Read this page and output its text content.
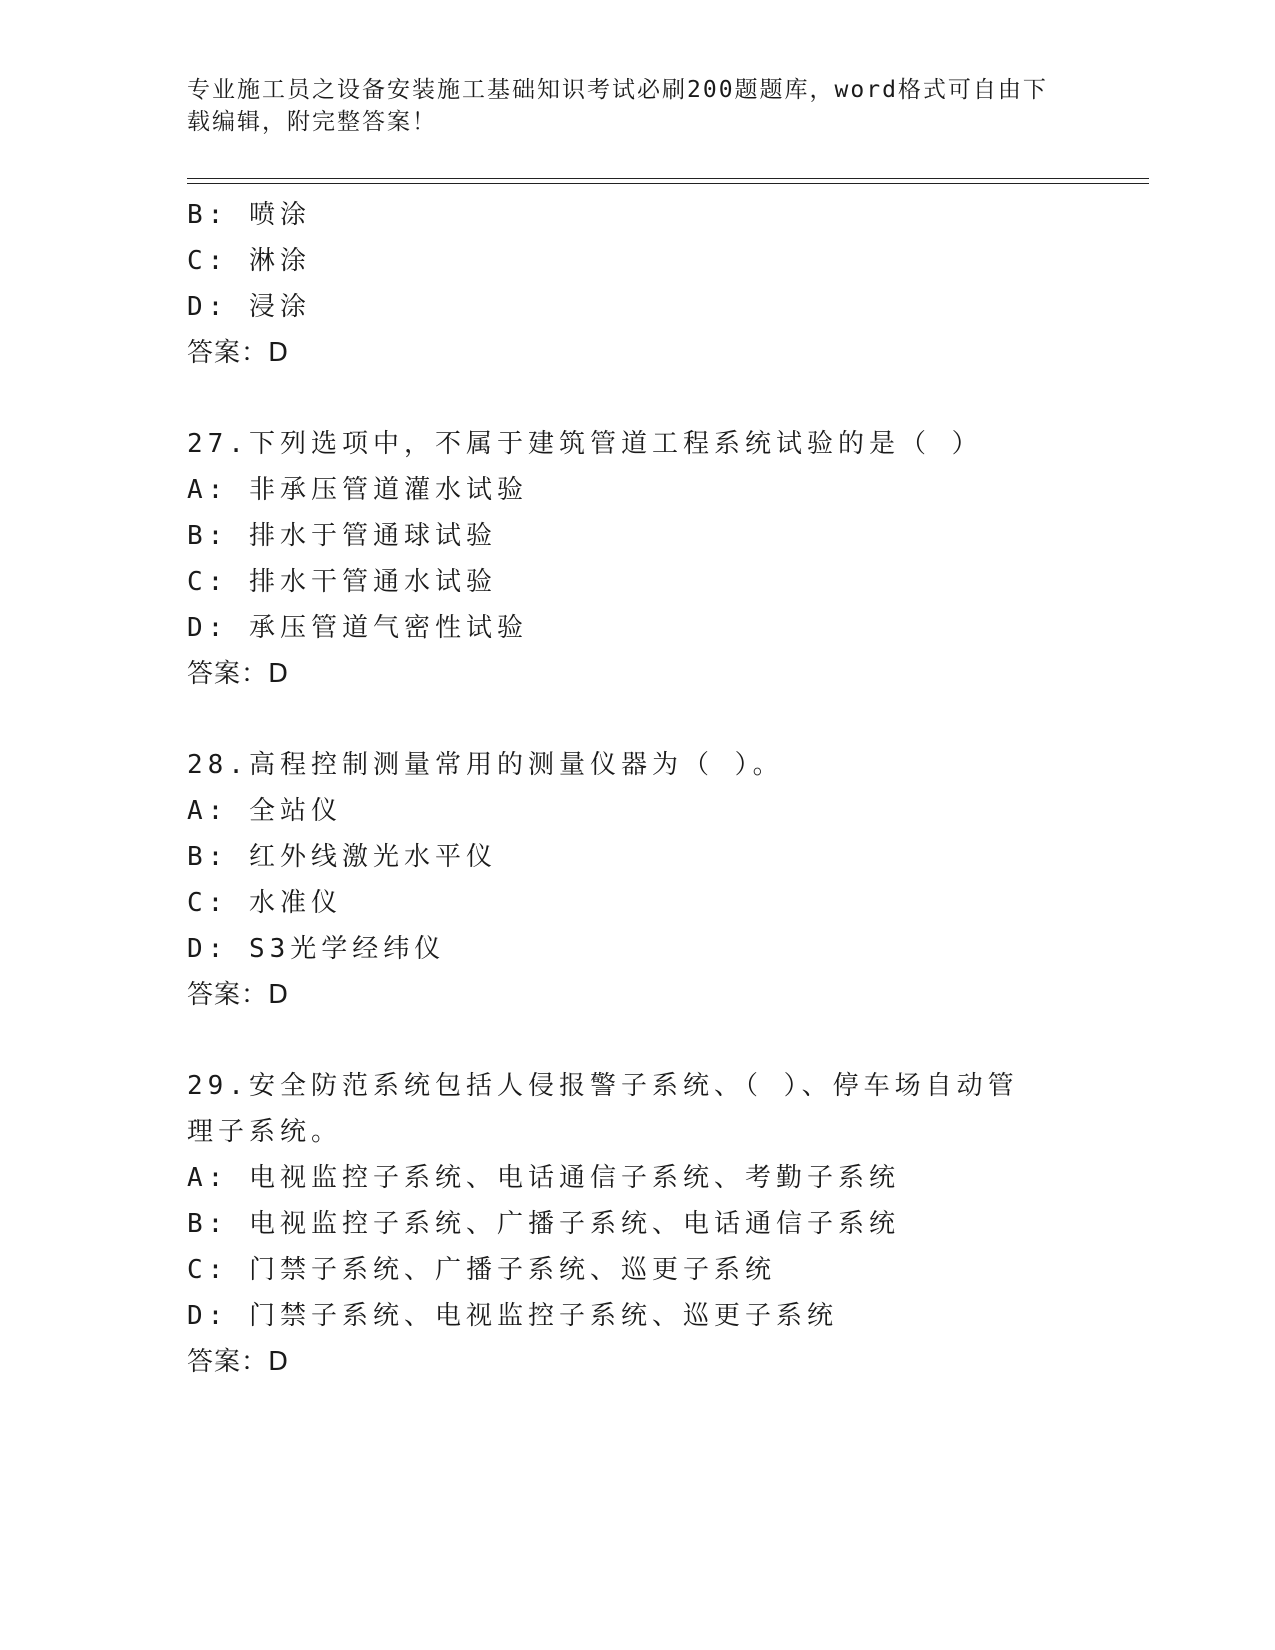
专业施工员之设备安装施工基础知识考试必刷200题题库，word格式可自由下载编辑，附完整答案！
B: 喷涂
C: 淋涂
D: 浸涂
答案：D
27.下列选项中，不属于建筑管道工程系统试验的是（ ）
A: 非承压管道灌水试验
B: 排水于管通球试验
C: 排水干管通水试验
D: 承压管道气密性试验
答案：D
28.高程控制测量常用的测量仪器为（ ）。
A: 全站仪
B: 红外线激光水平仪
C: 水准仪
D: S3光学经纬仪
答案：D
29.安全防范系统包括人侵报警子系统、（ ）、停车场自动管理子系统。
A: 电视监控子系统、电话通信子系统、考勤子系统
B: 电视监控子系统、广播子系统、电话通信子系统
C: 门禁子系统、广播子系统、巡更子系统
D: 门禁子系统、电视监控子系统、巡更子系统
答案：D
